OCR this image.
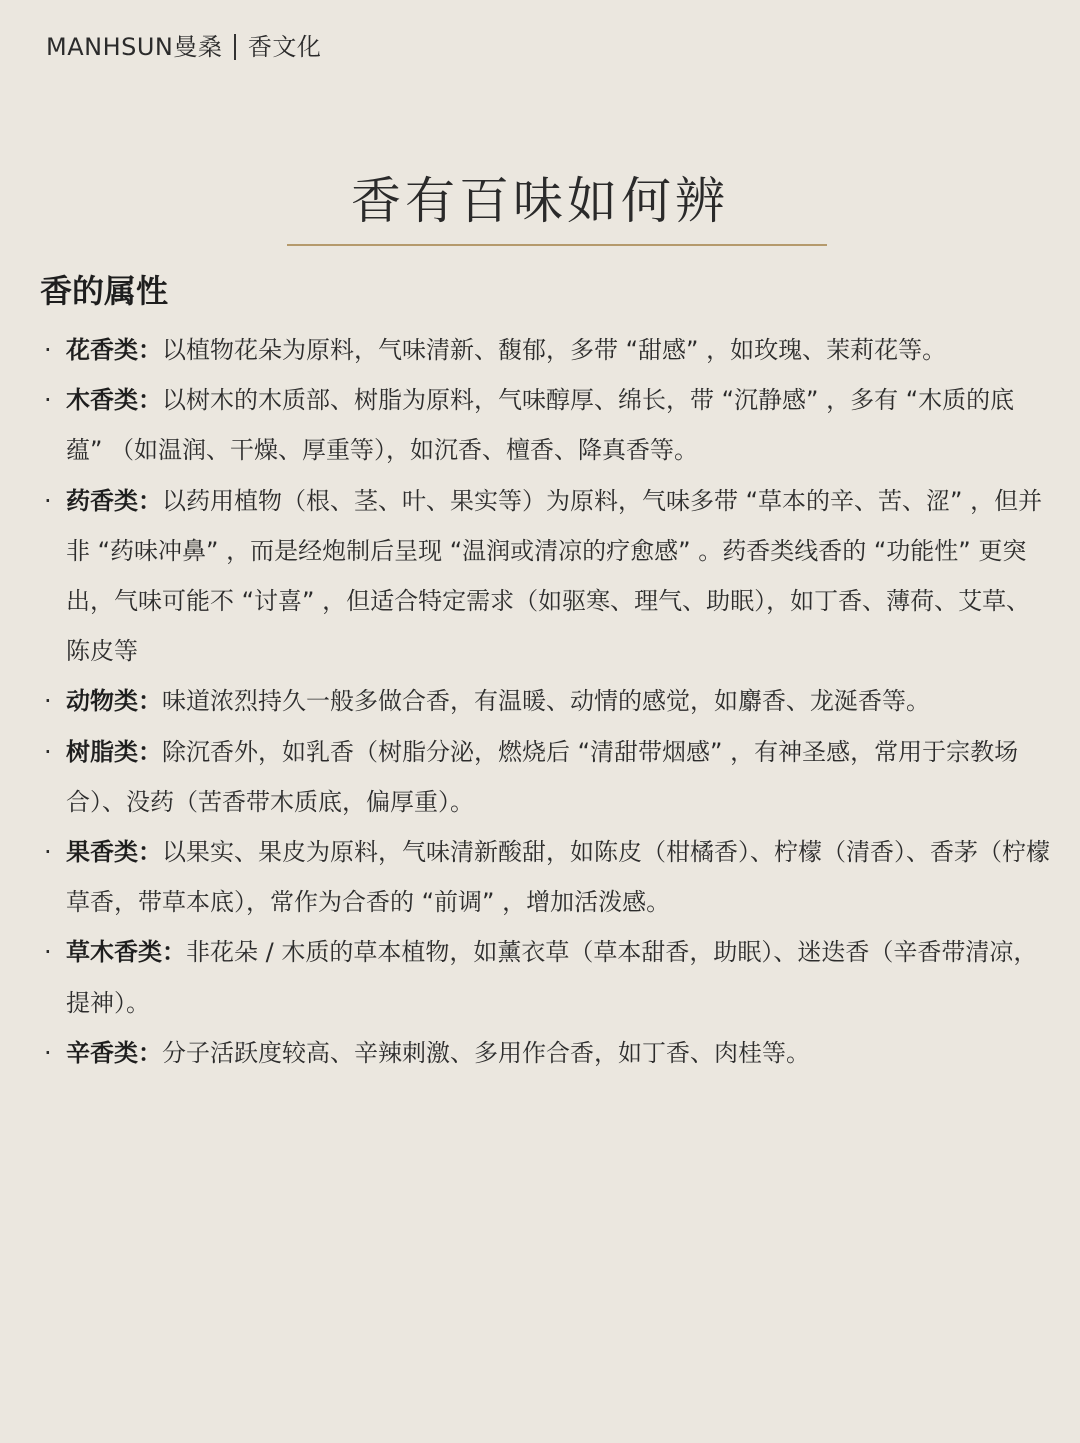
MANHSUN曼桑 香文化
香有百味如何辨
香的属性
· 花香类：以植物花朵为原料，气味清新、馥郁，多带 “甜感” ，如玫瑰、茉莉花等。
· 木香类：以树木的木质部、树脂为原料，气味醇厚、绵长，带 “沉静感” ，多有 “木质的底蕴” （如温润、干燥、厚重等），如沉香、檀香、降真香等。
· 药香类：以药用植物（根、茎、叶、果实等）为原料，气味多带 “草本的辛、苦、涩” ，但并非 “药味冲鼻” ，而是经炮制后呈现 “温润或清凉的疗愈感” 。药香类线香的 “功能性” 更突出，气味可能不 “讨喜” ，但适合特定需求（如驱寒、理气、助眠），如丁香、薄荷、艾草、陈皮等
· 动物类：味道浓烈持久一般多做合香，有温暖、动情的感觉，如麝香、龙涎香等。
· 树脂类：除沉香外，如乳香（树脂分泌，燃烧后 “清甜带烟感” ，有神圣感，常用于宗教场合）、没药（苦香带木质底，偏厚重）。
· 果香类：以果实、果皮为原料，气味清新酸甜，如陈皮（柑橘香）、柠檬（清香）、香茅（柠檬草香，带草本底），常作为合香的 “前调” ，增加活泼感。
· 草木香类：非花朵 / 木质的草本植物，如薰衣草（草本甜香，助眠）、迷迭香（辛香带清凉，提神）。
· 辛香类：分子活跃度较高、辛辣刺激、多用作合香，如丁香、肉桂等。
